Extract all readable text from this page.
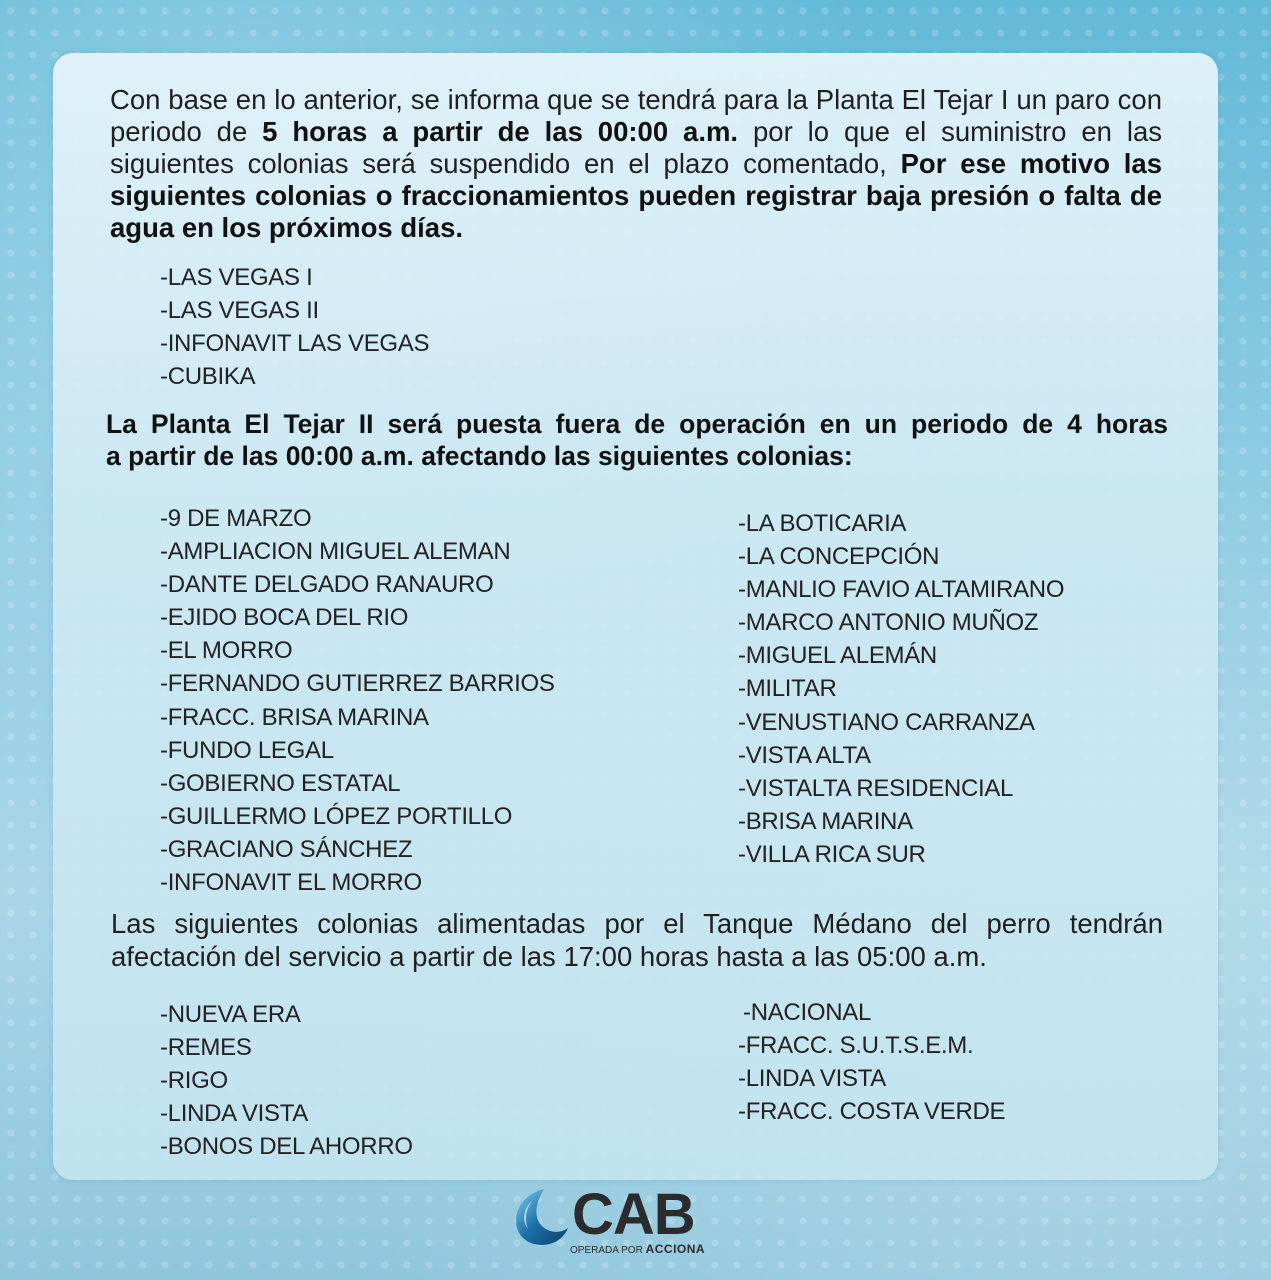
Con base en lo anterior, se informa que se tendrá para la Planta El Tejar I un paro con periodo de 5 horas a partir de las 00:00 a.m. por lo que el suministro en las siguientes colonias será suspendido en el plazo comentado, Por ese motivo las siguientes colonias o fraccionamientos pueden registrar baja presión o falta de agua en los próximos días.
-LAS VEGAS I
-LAS VEGAS II
-INFONAVIT LAS VEGAS
-CUBIKA
La Planta El Tejar II será puesta fuera de operación en un periodo de 4 horas
a partir de las 00:00 a.m. afectando las siguientes colonias:
-9 DE MARZO
-AMPLIACION MIGUEL ALEMAN
-DANTE DELGADO RANAURO
-EJIDO BOCA DEL RIO
-EL MORRO
-FERNANDO GUTIERREZ BARRIOS
-FRACC. BRISA MARINA
-FUNDO LEGAL
-GOBIERNO ESTATAL
-GUILLERMO LÓPEZ PORTILLO
-GRACIANO SÁNCHEZ
-INFONAVIT EL MORRO
-LA BOTICARIA
-LA CONCEPCIÓN
-MANLIO FAVIO ALTAMIRANO
-MARCO ANTONIO MUÑOZ
-MIGUEL ALEMÁN
-MILITAR
-VENUSTIANO CARRANZA
-VISTA ALTA
-VISTALTA RESIDENCIAL
-BRISA MARINA
-VILLA RICA SUR
Las siguientes colonias alimentadas por el Tanque Médano del perro tendrán
afectación del servicio a partir de las 17:00 horas hasta a las 05:00 a.m.
-NUEVA ERA
-REMES
-RIGO
-LINDA VISTA
-BONOS DEL AHORRO
-NACIONAL
-FRACC. S.U.T.S.E.M.
-LINDA VISTA
-FRACC. COSTA VERDE
CAB
OPERADA POR ACCIONA
